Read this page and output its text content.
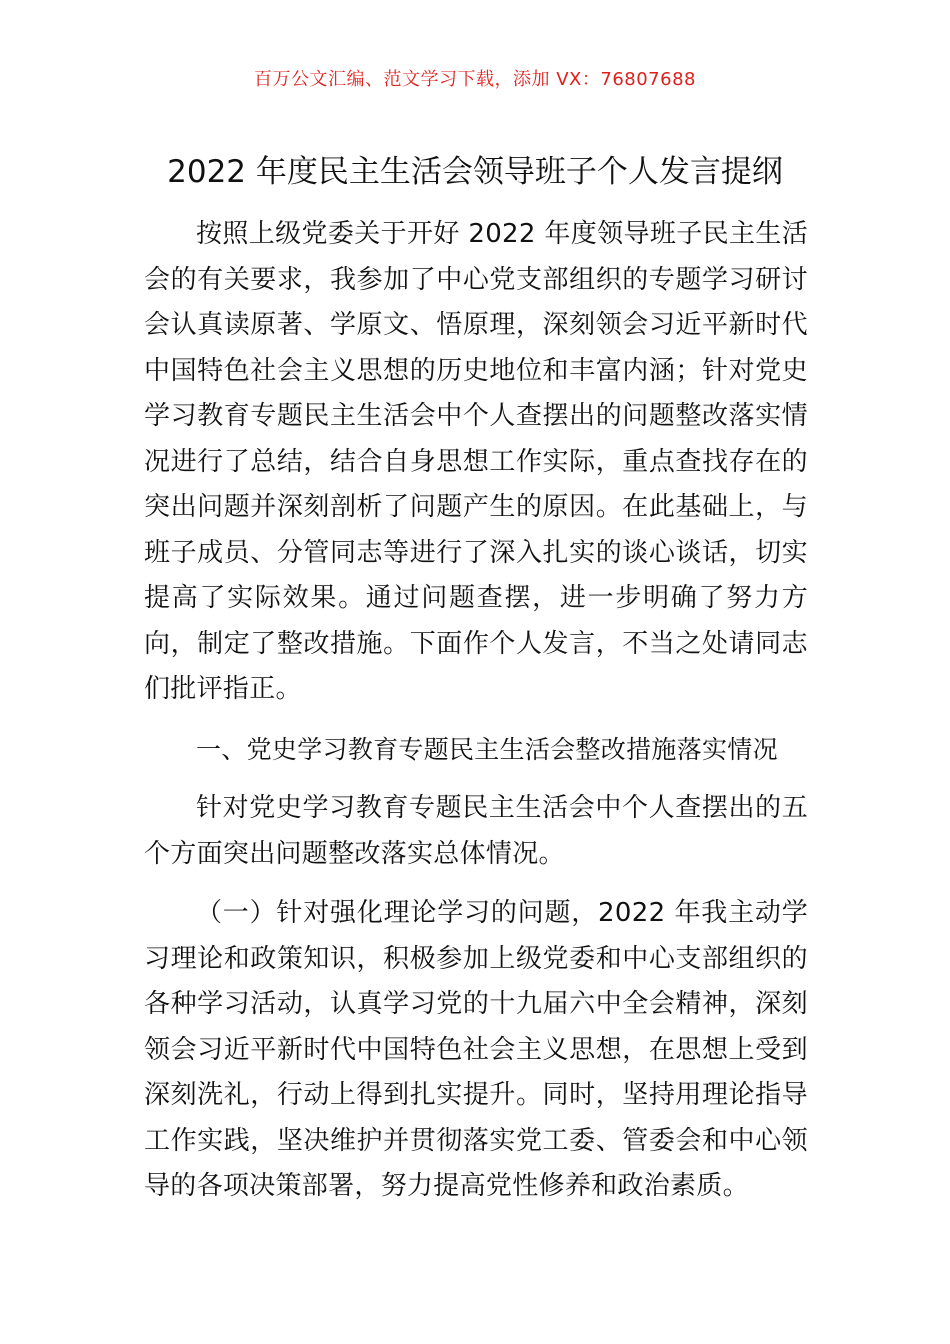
百万公文汇编、范文学习下载，添加 VX：76807688
2022 年度民主生活会领导班子个人发言提纲

按照上级党委关于开好 2022 年度领导班子民主生活会的有关要求，我参加了中心党支部组织的专题学习研讨会认真读原著、学原文、悟原理，深刻领会习近平新时代中国特色社会主义思想的历史地位和丰富内涵；针对党史学习教育专题民主生活会中个人查摆出的问题整改落实情况进行了总结，结合自身思想工作实际，重点查找存在的突出问题并深刻剖析了问题产生的原因。在此基础上，与班子成员、分管同志等进行了深入扎实的谈心谈话，切实提高了实际效果。通过问题查摆，进一步明确了努力方向，制定了整改措施。下面作个人发言，不当之处请同志们批评指正。

一、党史学习教育专题民主生活会整改措施落实情况

针对党史学习教育专题民主生活会中个人查摆出的五个方面突出问题整改落实总体情况。

（一）针对强化理论学习的问题，2022 年我主动学习理论和政策知识，积极参加上级党委和中心支部组织的各种学习活动，认真学习党的十九届六中全会精神，深刻领会习近平新时代中国特色社会主义思想，在思想上受到深刻洗礼，行动上得到扎实提升。同时，坚持用理论指导工作实践，坚决维护并贯彻落实党工委、管委会和中心领导的各项决策部署，努力提高党性修养和政治素质。
